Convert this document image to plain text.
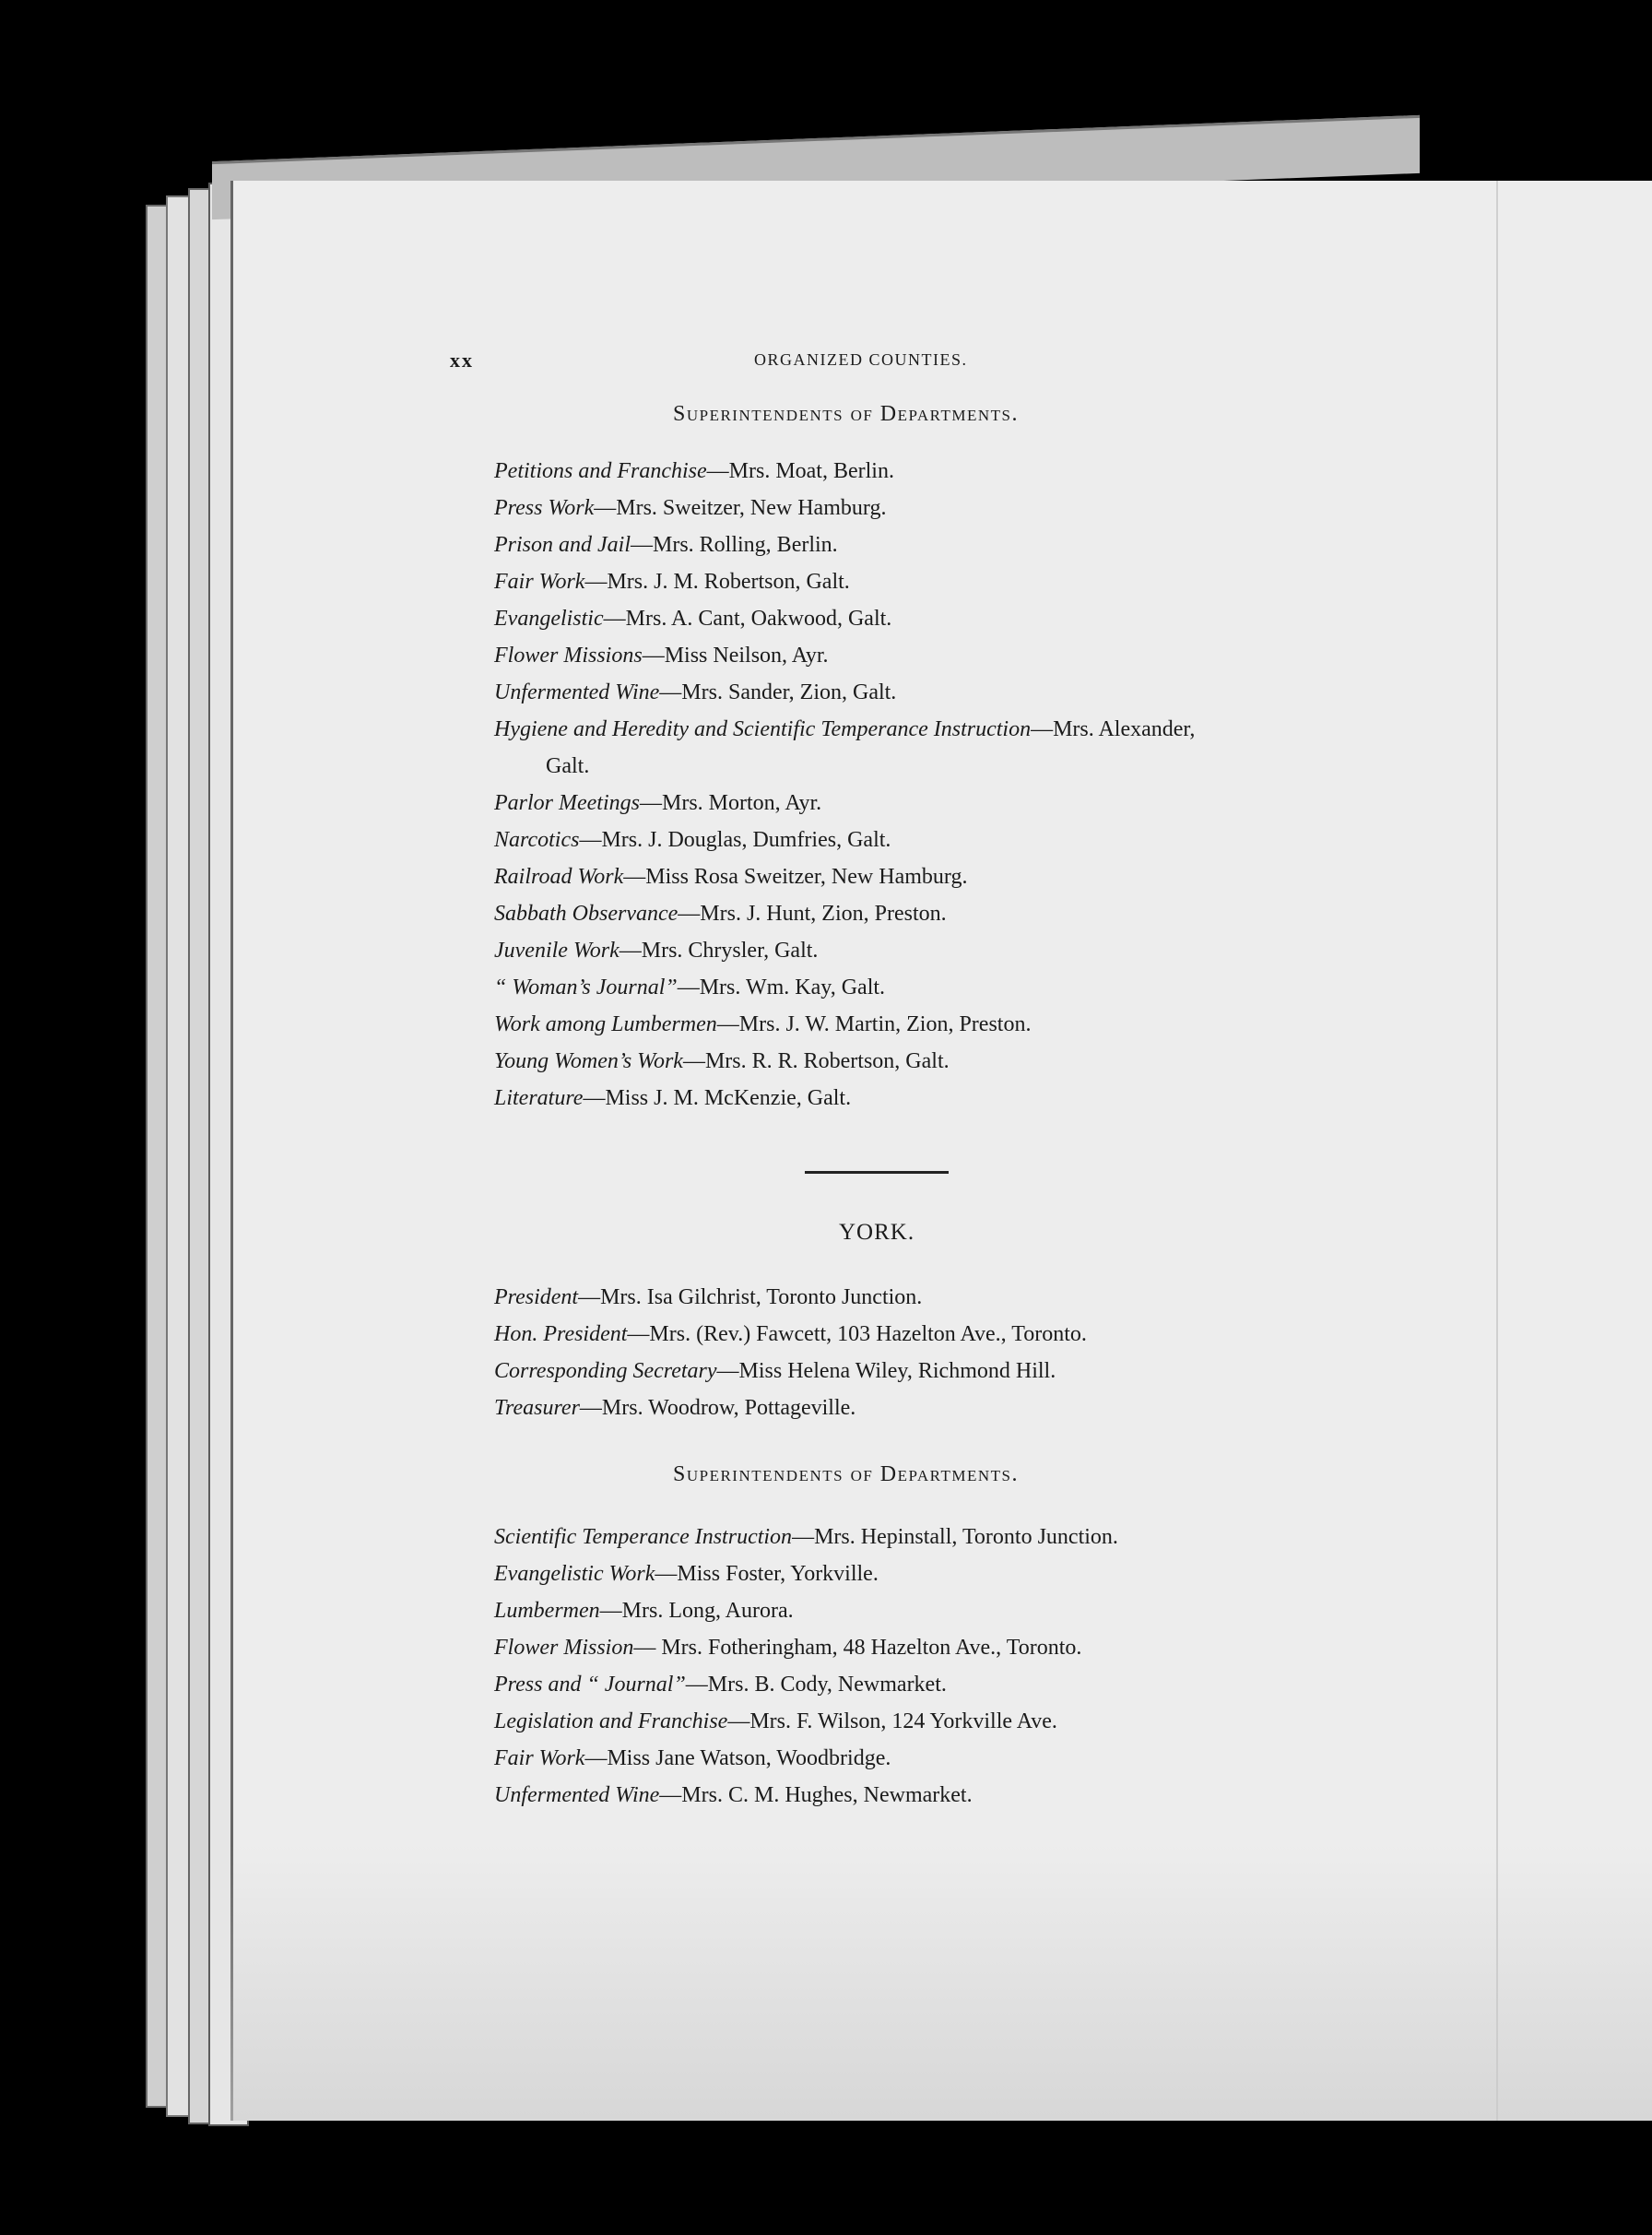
xx	ORGANIZED COUNTIES.
Superintendents of Departments.
Petitions and Franchise—Mrs. Moat, Berlin.
Press Work—Mrs. Sweitzer, New Hamburg.
Prison and Jail—Mrs. Rolling, Berlin.
Fair Work—Mrs. J. M. Robertson, Galt.
Evangelistic—Mrs. A. Cant, Oakwood, Galt.
Flower Missions—Miss Neilson, Ayr.
Unfermented Wine—Mrs. Sander, Zion, Galt.
Hygiene and Heredity and Scientific Temperance Instruction—Mrs. Alexander,
Galt.
Parlor Meetings—Mrs. Morton, Ayr.
Narcotics—Mrs. J. Douglas, Dumfries, Galt.
Railroad Work—Miss Rosa Sweitzer, New Hamburg.
Sabbath Observance—Mrs. J. Hunt, Zion, Preston.
Juvenile Work—Mrs. Chrysler, Galt.
“ Woman’s Journal”—Mrs. Wm. Kay, Galt.
Work among Lumbermen—Mrs. J. W. Martin, Zion, Preston.
Young Women’s Work—Mrs. R. R. Robertson, Galt.
Literature—Miss J. M. McKenzie, Galt.
YORK.
President—Mrs. Isa Gilchrist, Toronto Junction.
Hon. President—Mrs. (Rev.) Fawcett, 103 Hazelton Ave., Toronto.
Corresponding Secretary—Miss Helena Wiley, Richmond Hill.
Treasurer—Mrs. Woodrow, Pottageville.
Superintendents of Departments.
Scientific Temperance Instruction—Mrs. Hepinstall, Toronto Junction.
Evangelistic Work—Miss Foster, Yorkville.
Lumbermen—Mrs. Long, Aurora.
Flower Mission— Mrs. Fotheringham, 48 Hazelton Ave., Toronto.
Press and “ Journal”—Mrs. B. Cody, Newmarket.
Legislation and Franchise—Mrs. F. Wilson, 124 Yorkville Ave.
Fair Work—Miss Jane Watson, Woodbridge.
Unfermented Wine—Mrs. C. M. Hughes, Newmarket.
